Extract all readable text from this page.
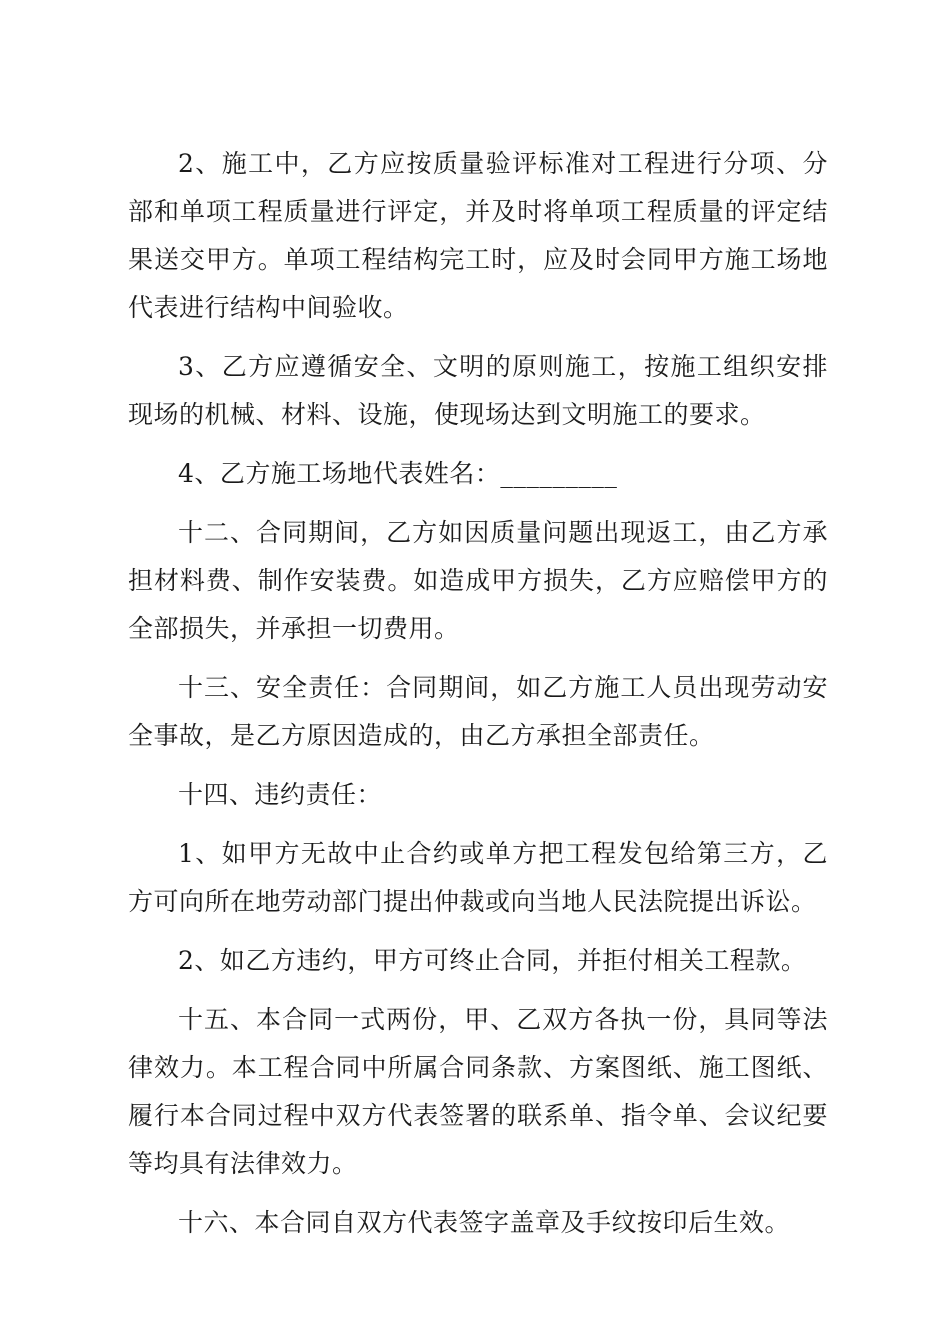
2、施工中，乙方应按质量验评标准对工程进行分项、分部和单项工程质量进行评定，并及时将单项工程质量的评定结果送交甲方。单项工程结构完工时，应及时会同甲方施工场地代表进行结构中间验收。

3、乙方应遵循安全、文明的原则施工，按施工组织安排现场的机械、材料、设施，使现场达到文明施工的要求。

4、乙方施工场地代表姓名：_________

十二、合同期间，乙方如因质量问题出现返工，由乙方承担材料费、制作安装费。如造成甲方损失，乙方应赔偿甲方的全部损失，并承担一切费用。

十三、安全责任：合同期间，如乙方施工人员出现劳动安全事故，是乙方原因造成的，由乙方承担全部责任。

十四、违约责任：

1、如甲方无故中止合约或单方把工程发包给第三方，乙方可向所在地劳动部门提出仲裁或向当地人民法院提出诉讼。

2、如乙方违约，甲方可终止合同，并拒付相关工程款。

十五、本合同一式两份，甲、乙双方各执一份，具同等法律效力。本工程合同中所属合同条款、方案图纸、施工图纸、履行本合同过程中双方代表签署的联系单、指令单、会议纪要等均具有法律效力。

十六、本合同自双方代表签字盖章及手纹按印后生效。
